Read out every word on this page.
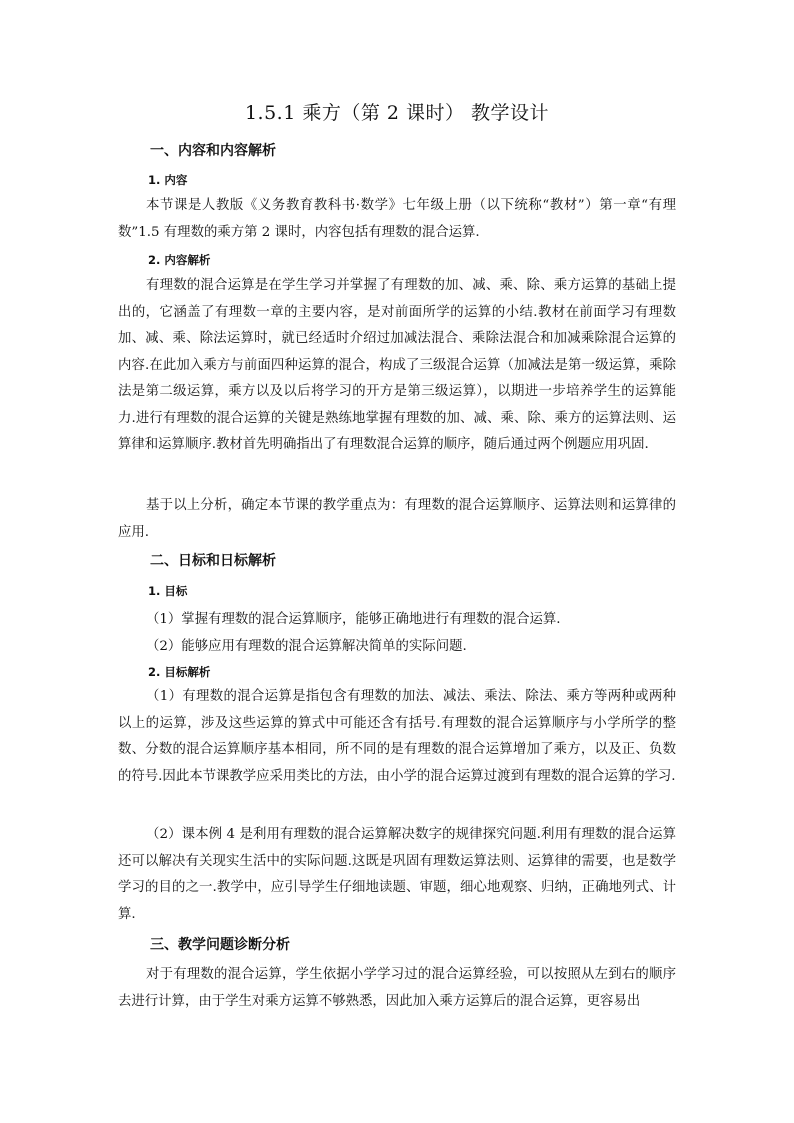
1.5.1 乘方（第 2 课时） 教学设计
一、内容和内容解析
1. 内容

本节课是人教版《义务教育教科书·数学》七年级上册（以下统称“教材”）第一章“有理数”1.5 有理数的乘方第 2 课时，内容包括有理数的混合运算.

2. 内容解析

有理数的混合运算是在学生学习并掌握了有理数的加、减、乘、除、乘方运算的基础上提出的，它涵盖了有理数一章的主要内容，是对前面所学的运算的小结.教材在前面学习有理数加、减、乘、除法运算时，就已经适时介绍过加减法混合、乘除法混合和加减乘除混合运算的内容.在此加入乘方与前面四种运算的混合，构成了三级混合运算（加减法是第一级运算，乘除法是第二级运算，乘方以及以后将学习的开方是第三级运算），以期进一步培养学生的运算能力.进行有理数的混合运算的关键是熟练地掌握有理数的加、减、乘、除、乘方的运算法则、运算律和运算顺序.教材首先明确指出了有理数混合运算的顺序，随后通过两个例题应用巩固.

基于以上分析，确定本节课的教学重点为：有理数的混合运算顺序、运算法则和运算律的应用.

二、日标和日标解析
1. 目标
（1）掌握有理数的混合运算顺序，能够正确地进行有理数的混合运算.
（2）能够应用有理数的混合运算解决简单的实际问题.
2. 目标解析

（1）有理数的混合运算是指包含有理数的加法、减法、乘法、除法、乘方等两种或两种以上的运算，涉及这些运算的算式中可能还含有括号.有理数的混合运算顺序与小学所学的整数、分数的混合运算顺序基本相同，所不同的是有理数的混合运算增加了乘方，以及正、负数的符号.因此本节课教学应采用类比的方法，由小学的混合运算过渡到有理数的混合运算的学习.

（2）课本例 4 是利用有理数的混合运算解决数字的规律探究问题.利用有理数的混合运算还可以解决有关现实生活中的实际问题.这既是巩固有理数运算法则、运算律的需要，也是数学学习的目的之一.教学中，应引导学生仔细地读题、审题，细心地观察、归纳，正确地列式、计算.

三、教学问题诊断分析

对于有理数的混合运算，学生依据小学学习过的混合运算经验，可以按照从左到右的顺序去进行计算，由于学生对乘方运算不够熟悉，因此加入乘方运算后的混合运算，更容易出
